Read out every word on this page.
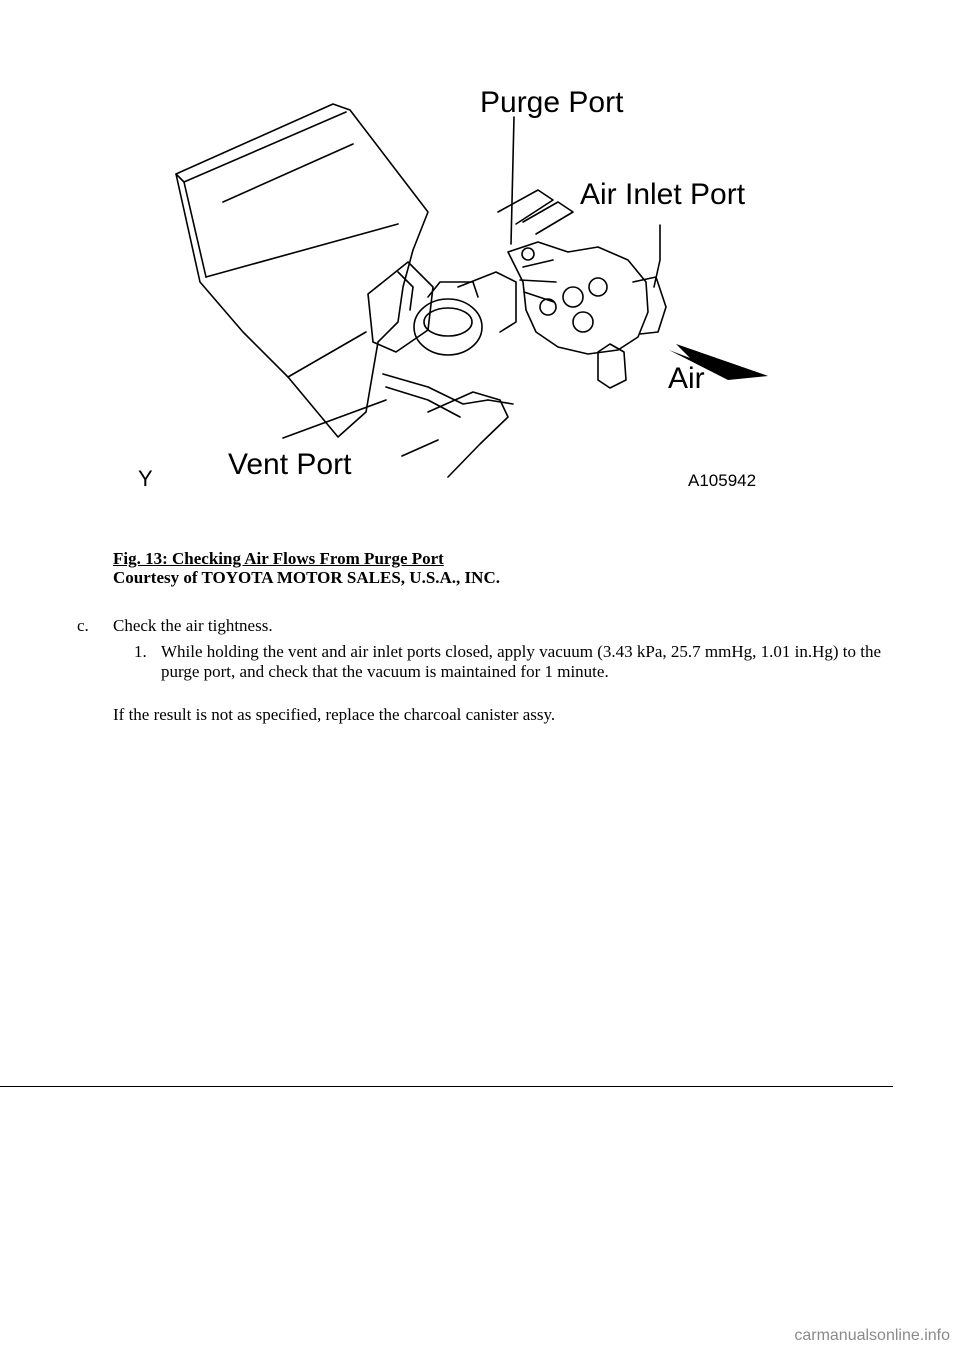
Purge Port
Air Inlet Port
Air
Vent Port
Y	A105942
Fig. 13: Checking Air Flows From Purge Port
Courtesy of TOYOTA MOTOR SALES, U.S.A., INC.
c. Check the air tightness.
1. While holding the vent and air inlet ports closed, apply vacuum (3.43 kPa, 25.7 mmHg, 1.01 in.Hg) to the purge port, and check that the vacuum is maintained for 1 minute.
If the result is not as specified, replace the charcoal canister assy.
carmanualsonline.info
